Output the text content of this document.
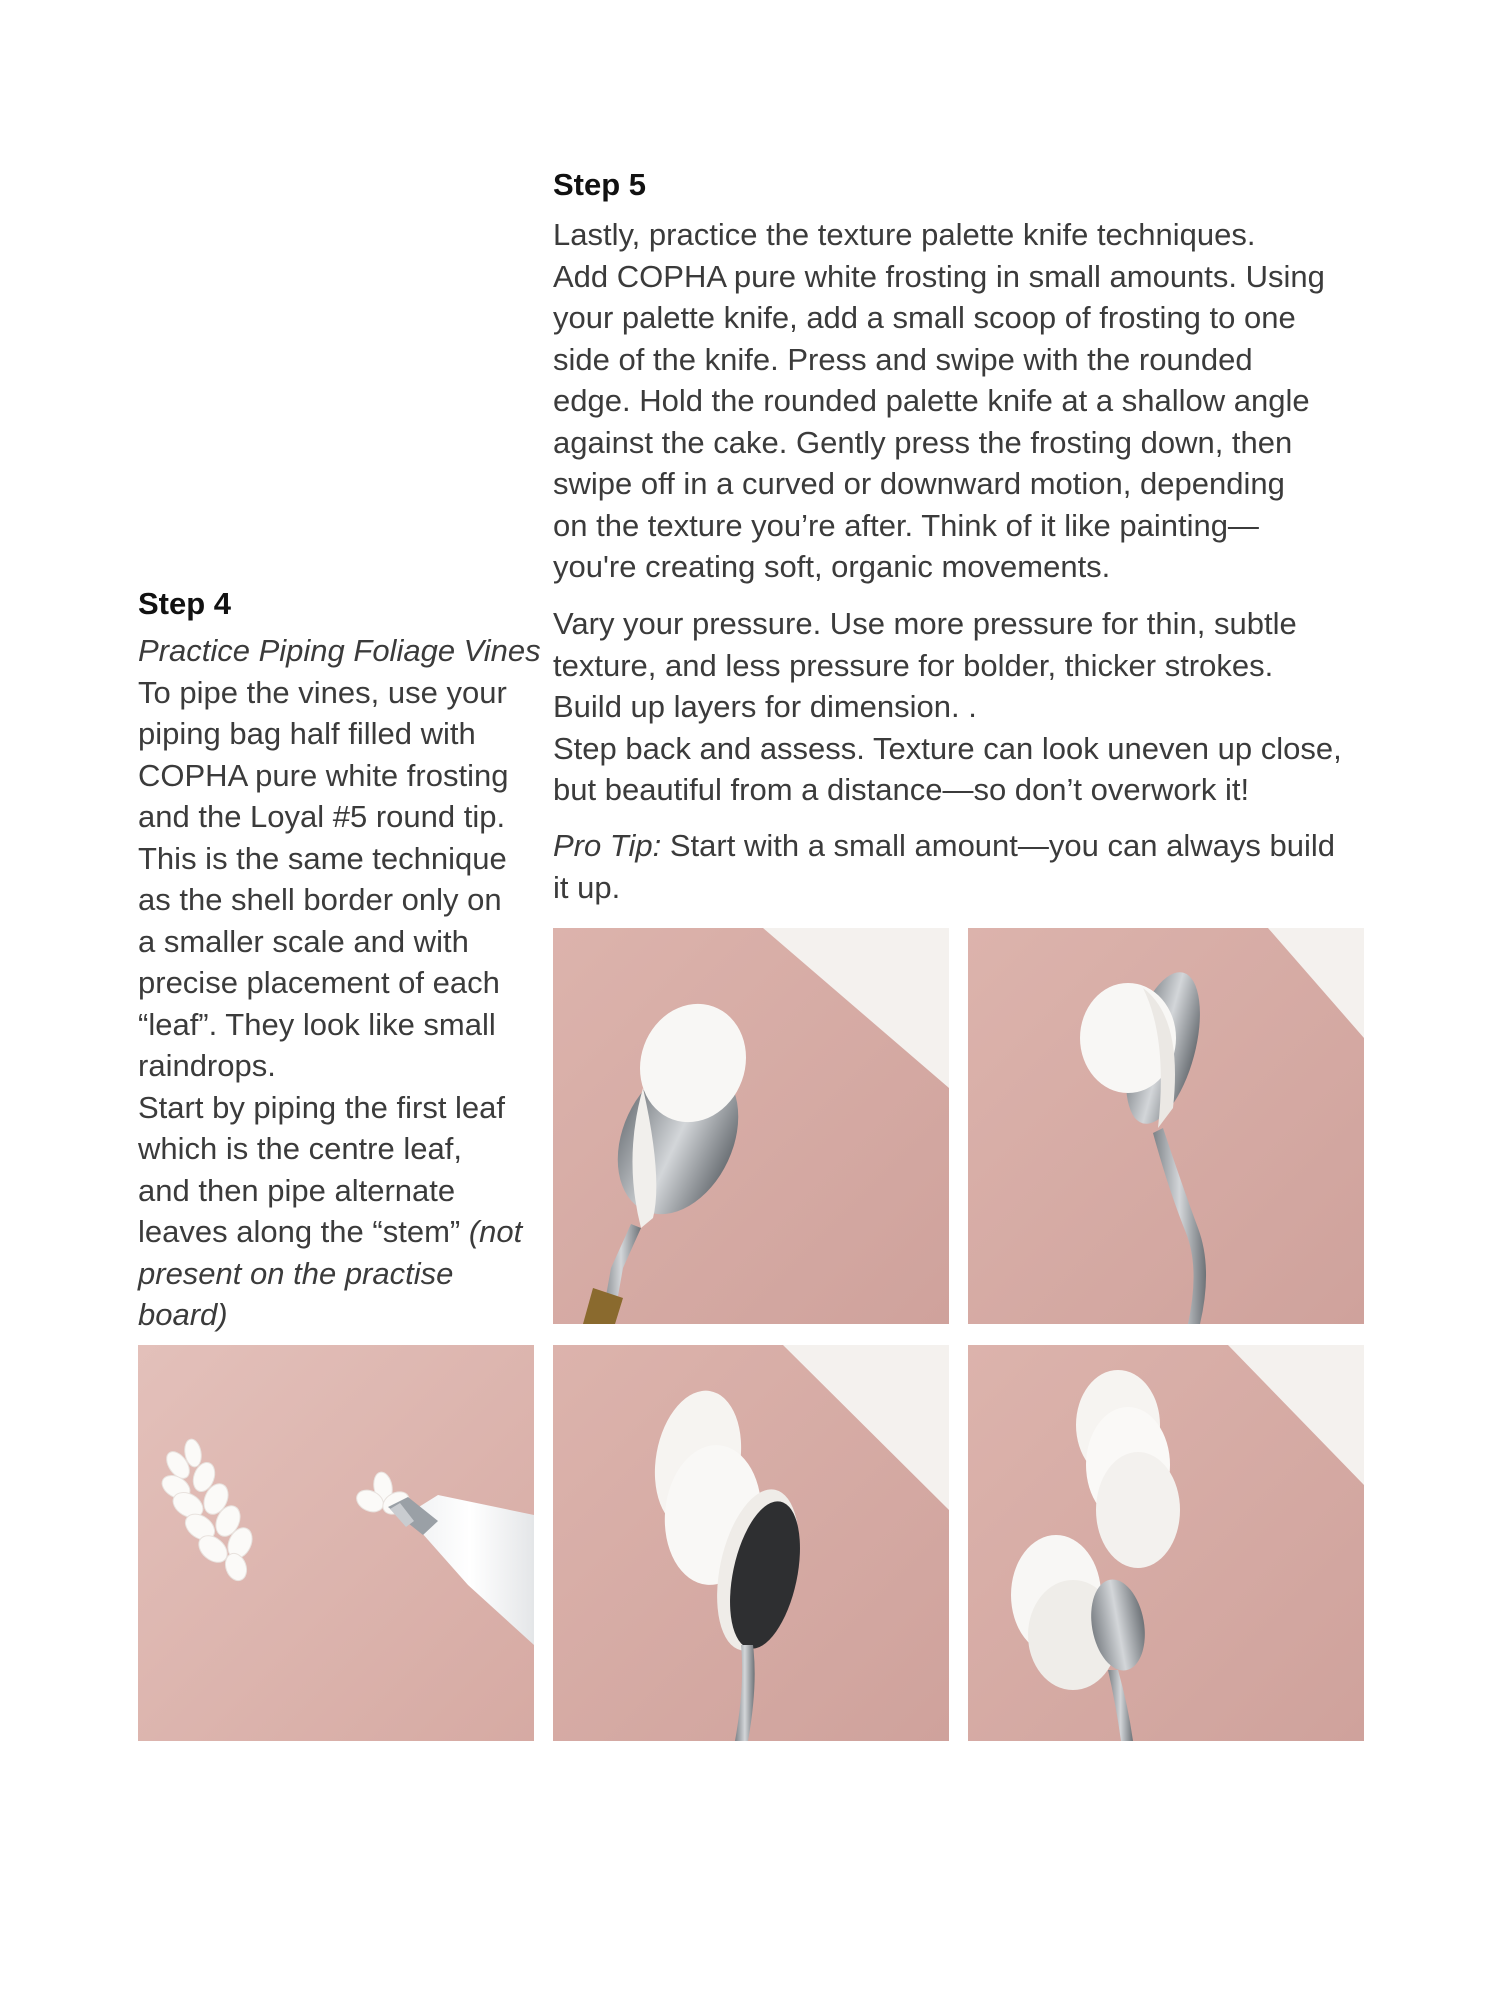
Step 4

Practice Piping Foliage Vines
To pipe the vines, use your
piping bag half filled with
COPHA pure white frosting
and the Loyal #5 round tip.
This is the same technique
as the shell border only on
a smaller scale and with
precise placement of each
“leaf”. They look like small
raindrops.
Start by piping the first leaf
which is the centre leaf,
and then pipe alternate
leaves along the “stem” (not
present on the practise
board)

Step 5

Lastly, practice the texture palette knife techniques.
Add COPHA pure white frosting in small amounts. Using
your palette knife, add a small scoop of frosting to one
side of the knife. Press and swipe with the rounded
edge. Hold the rounded palette knife at a shallow angle
against the cake. Gently press the frosting down, then
swipe off in a curved or downward motion, depending
on the texture you’re after. Think of it like painting—
you're creating soft, organic movements.

Vary your pressure. Use more pressure for thin, subtle
texture, and less pressure for bolder, thicker strokes.
Build up layers for dimension. .
Step back and assess. Texture can look uneven up close,
but beautiful from a distance—so don’t overwork it!

Pro Tip: Start with a small amount—you can always build
it up.
